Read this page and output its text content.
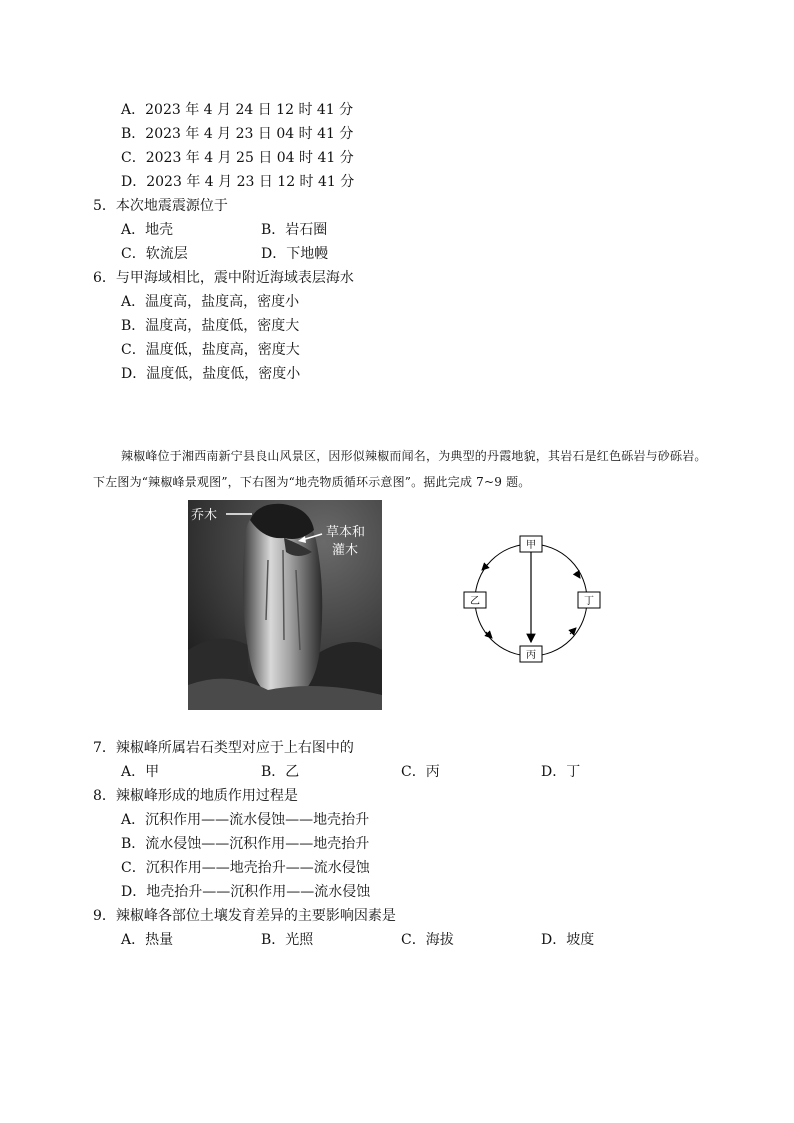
A．2023 年 4 月 24 日 12 时 41 分
B．2023 年 4 月 23 日 04 时 41 分
C．2023 年 4 月 25 日 04 时 41 分
D．2023 年 4 月 23 日 12 时 41 分
5．本次地震震源位于
A．地壳	B．岩石圈
C．软流层	D．下地幔
6．与甲海域相比，震中附近海域表层海水
A．温度高，盐度高，密度小
B．温度高，盐度低，密度大
C．温度低，盐度高，密度大
D．温度低，盐度低，密度小
辣椒峰位于湘西南新宁县良山风景区，因形似辣椒而闻名，为典型的丹霞地貌，其岩石是红色砾岩与砂砾岩。下左图为“辣椒峰景观图”，下右图为“地壳物质循环示意图”。据此完成 7~9 题。
乔木
草本和
灌木	甲
乙	丁
丙
7．辣椒峰所属岩石类型对应于上右图中的
A．甲	B．乙	C．丙	D．丁
8．辣椒峰形成的地质作用过程是
A．沉积作用——流水侵蚀——地壳抬升
B．流水侵蚀——沉积作用——地壳抬升
C．沉积作用——地壳抬升——流水侵蚀
D．地壳抬升——沉积作用——流水侵蚀
9．辣椒峰各部位土壤发育差异的主要影响因素是
A．热量	B．光照	C．海拔	D．坡度
